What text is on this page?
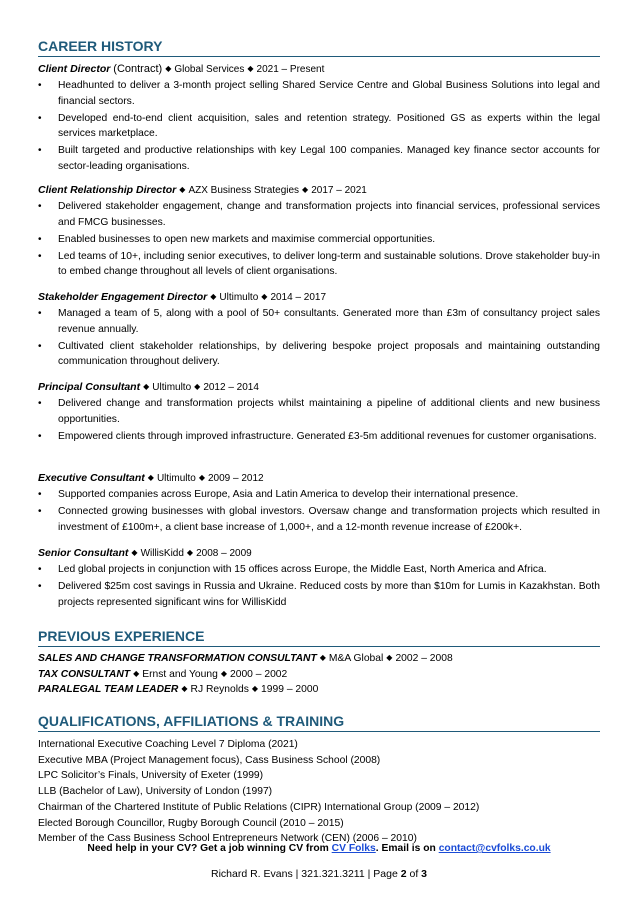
CAREER HISTORY
Client Director (Contract) ◆ Global Services ◆ 2021 – Present
• Headhunted to deliver a 3-month project selling Shared Service Centre and Global Business Solutions into legal and financial sectors.
• Developed end-to-end client acquisition, sales and retention strategy. Positioned GS as experts within the legal services marketplace.
• Built targeted and productive relationships with key Legal 100 companies. Managed key finance sector accounts for sector-leading organisations.
Client Relationship Director ◆ AZX Business Strategies ◆ 2017 – 2021
• Delivered stakeholder engagement, change and transformation projects into financial services, professional services and FMCG businesses.
• Enabled businesses to open new markets and maximise commercial opportunities.
• Led teams of 10+, including senior executives, to deliver long-term and sustainable solutions. Drove stakeholder buy-in to embed change throughout all levels of client organisations.
Stakeholder Engagement Director ◆ Ultimulto ◆ 2014 – 2017
• Managed a team of 5, along with a pool of 50+ consultants. Generated more than £3m of consultancy project sales revenue annually.
• Cultivated client stakeholder relationships, by delivering bespoke project proposals and maintaining outstanding communication throughout delivery.
Principal Consultant ◆ Ultimulto ◆ 2012 – 2014
• Delivered change and transformation projects whilst maintaining a pipeline of additional clients and new business opportunities.
• Empowered clients through improved infrastructure. Generated £3-5m additional revenues for customer organisations.
Executive Consultant ◆ Ultimulto ◆ 2009 – 2012
• Supported companies across Europe, Asia and Latin America to develop their international presence.
• Connected growing businesses with global investors. Oversaw change and transformation projects which resulted in investment of £100m+, a client base increase of 1,000+, and a 12-month revenue increase of £200k+.
Senior Consultant ◆ WillisKidd ◆ 2008 – 2009
• Led global projects in conjunction with 15 offices across Europe, the Middle East, North America and Africa.
• Delivered $25m cost savings in Russia and Ukraine. Reduced costs by more than $10m for Lumis in Kazakhstan. Both projects represented significant wins for WillisKidd
PREVIOUS EXPERIENCE
SALES AND CHANGE TRANSFORMATION CONSULTANT ◆ M&A Global ◆ 2002 – 2008
TAX CONSULTANT ◆ Ernst and Young ◆ 2000 – 2002
PARALEGAL TEAM LEADER ◆ RJ Reynolds ◆ 1999 – 2000
QUALIFICATIONS, AFFILIATIONS & TRAINING
International Executive Coaching Level 7 Diploma (2021)
Executive MBA (Project Management focus), Cass Business School (2008)
LPC Solicitor’s Finals, University of Exeter (1999)
LLB (Bachelor of Law), University of London (1997)
Chairman of the Chartered Institute of Public Relations (CIPR) International Group (2009 – 2012)
Elected Borough Councillor, Rugby Borough Council (2010 – 2015)
Member of the Cass Business School Entrepreneurs Network (CEN) (2006 – 2010)
Need help in your CV? Get a job winning CV from CV Folks. Email is on contact@cvfolks.co.uk
Richard R. Evans | 321.321.3211 | Page 2 of 3
